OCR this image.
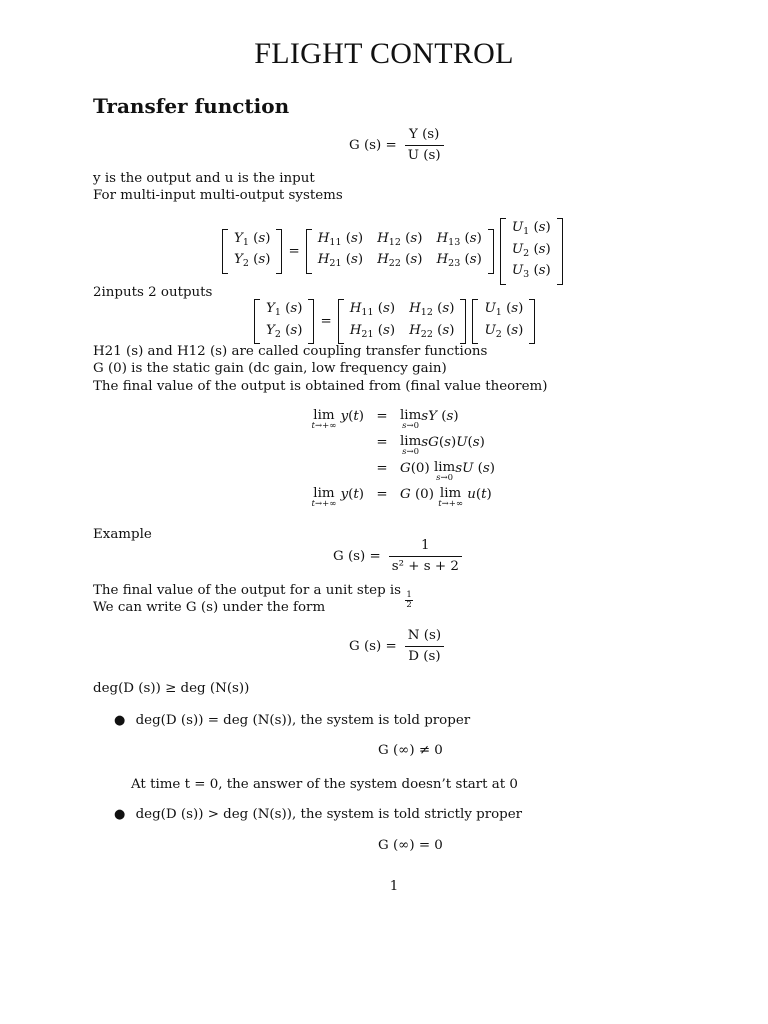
FLIGHT CONTROL
Transfer function
G $(s) = \frac{Y (s)}{U (s)}$
y is the output and u is the input
For multi-input multi-output systems
$Y_1$ (s)
$Y_2$ (s)
=
$H_{11}$ (s) $H_{12}$ (s) $H_{13}$ (s)
$H_{21}$ (s) $H_{22}$ (s) $H_{23}$ (s)
$U_1$ (s)
$U_2$ (s)
$U_3$ (s)
2inputs 2 outputs
$Y_1$ (s)
$Y_2$ (s)
=
$H_{11}$ (s) $H_{12}$ (s)
$H_{21}$ (s) $H_{22}$ (s)
$U_1$ (s)
$U_2$ (s)
H21 (s) and H12 (s) are called coupling transfer functions
G (0) is the static gain (dc gain, low frequency gain)
The final value of the output is obtained from (final value theorem)
lim
t→+∞
y(t) = lim
s→0
sY (s)
= lim
s→0
sG(s)U(s)
= G(0) lim
s→0
sU (s)
lim
t→+∞
y(t) = G (0) lim
t→+∞
u(t)
Example
G $(s) = \frac{1}{\text{s² + s + 2}}$
The final value of the output for a unit step is
$\frac{1}{2}$
We can write G (s) under the form
G $(s) = \frac{N (s)}{D (s)}$
deg(D (s)) ≥ deg (N(s))
● deg(D (s)) = deg (N(s)), the system is told proper
G (∞) ≠ 0
At time t = 0, the answer of the system doesn’t start at 0
● deg(D (s)) > deg (N(s)), the system is told strictly proper
G (∞) = 0
1
